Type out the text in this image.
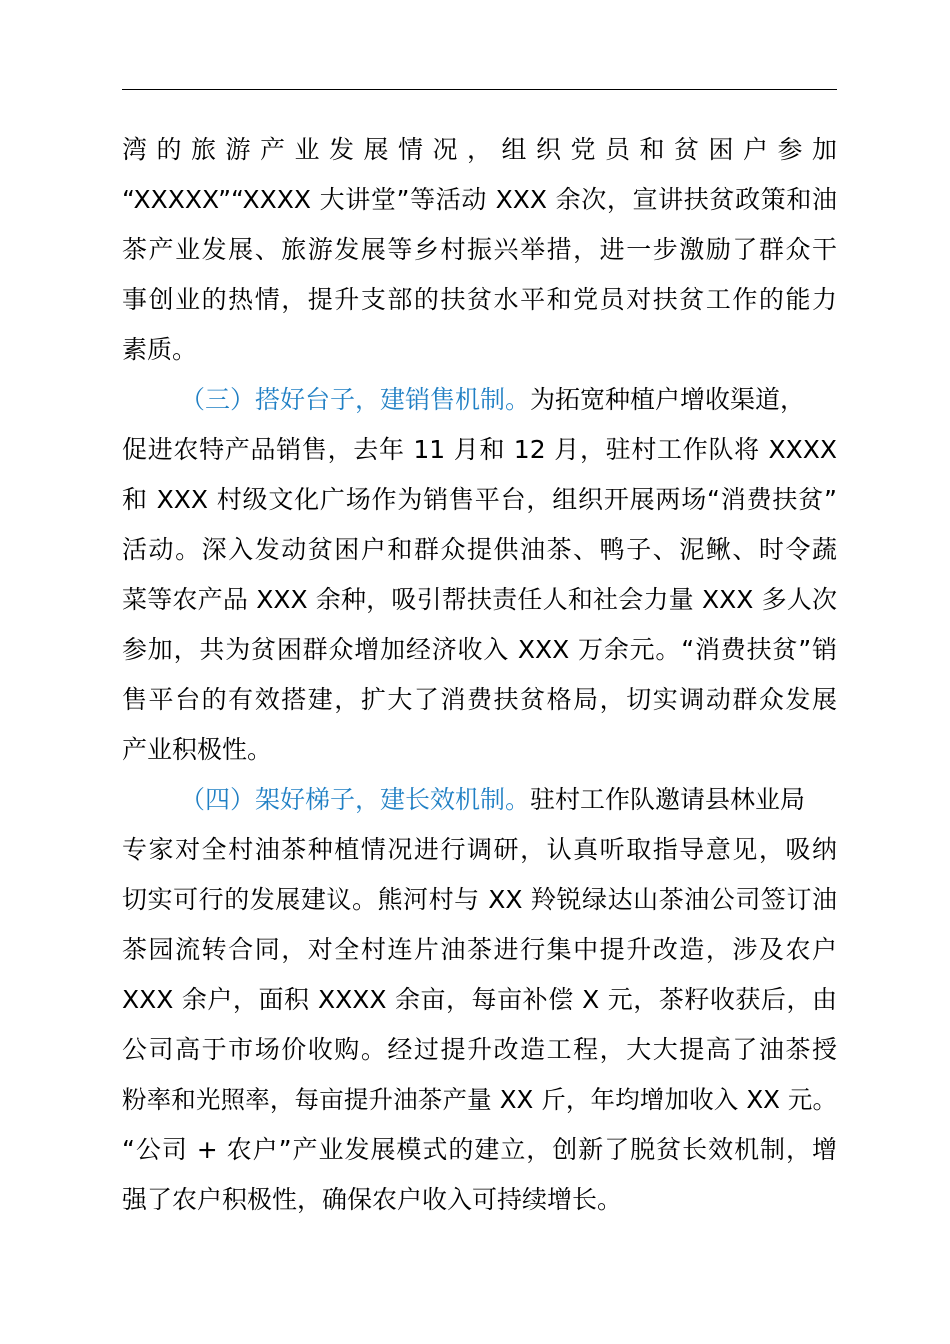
湾的旅游产业发展情况，组织党员和贫困户参加
“XXXXX”“XXXX 大讲堂”等活动 XXX 余次，宣讲扶贫政策和油
茶产业发展、旅游发展等乡村振兴举措，进一步激励了群众干
事创业的热情，提升支部的扶贫水平和党员对扶贫工作的能力
素质。
（三）搭好台子，建销售机制。为拓宽种植户增收渠道，
促进农特产品销售，去年 11 月和 12 月，驻村工作队将 XXXX
和 XXX 村级文化广场作为销售平台，组织开展两场“消费扶贫”
活动。深入发动贫困户和群众提供油茶、鸭子、泥鳅、时令蔬
菜等农产品 XXX 余种，吸引帮扶责任人和社会力量 XXX 多人次
参加，共为贫困群众增加经济收入 XXX 万余元。“消费扶贫”销
售平台的有效搭建，扩大了消费扶贫格局，切实调动群众发展
产业积极性。
（四）架好梯子，建长效机制。驻村工作队邀请县林业局
专家对全村油茶种植情况进行调研，认真听取指导意见，吸纳
切实可行的发展建议。熊河村与 XX 羚锐绿达山茶油公司签订油
茶园流转合同，对全村连片油茶进行集中提升改造，涉及农户
XXX 余户，面积 XXXX 余亩，每亩补偿 X 元，茶籽收获后，由
公司高于市场价收购。经过提升改造工程，大大提高了油茶授
粉率和光照率，每亩提升油茶产量 XX 斤，年均增加收入 XX 元。
“公司 + 农户”产业发展模式的建立，创新了脱贫长效机制，增
强了农户积极性，确保农户收入可持续增长。
